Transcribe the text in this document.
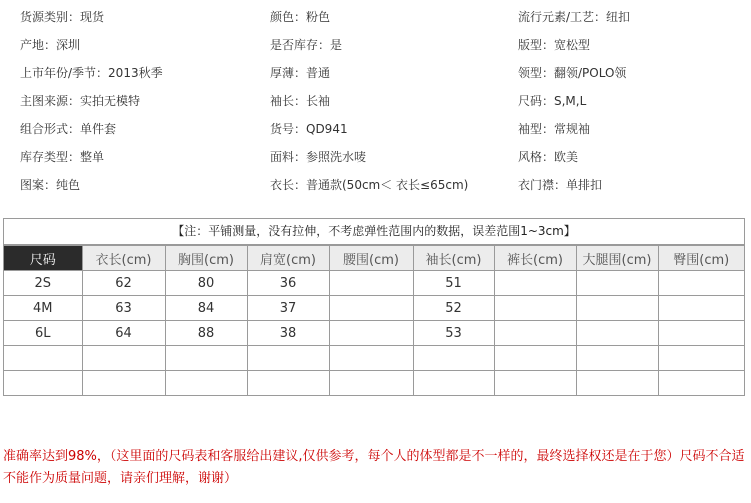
货源类别：现货	颜色：粉色	流行元素/工艺：纽扣
产地：深圳	是否库存：是	版型：宽松型
上市年份/季节：2013秋季	厚薄：普通	领型：翻领/POLO领
主图来源：实拍无模特	袖长：长袖	尺码：S,M,L
组合形式：单件套	货号：QD941	袖型：常规袖
库存类型：整单	面料：参照洗水唛	风格：欧美
图案：纯色	衣长：普通款(50cm＜ 衣长≤65cm)	衣门襟：单排扣
【注：平铺测量，没有拉伸，不考虑弹性范围内的数据，误差范围1~3cm】
尺码	衣长(cm)	胸围(cm)	肩宽(cm)	腰围(cm)	袖长(cm)	裤长(cm)	大腿围(cm)	臀围(cm)
2S	62	80	36		51			
4M	63	84	37		52			
6L	64	88	38		53			

准确率达到98%，（这里面的尺码表和客服给出建议,仅供参考，每个人的体型都是不一样的，最终选择权还是在于您）尺码不合适不能作为质量问题，请亲们理解，谢谢）
